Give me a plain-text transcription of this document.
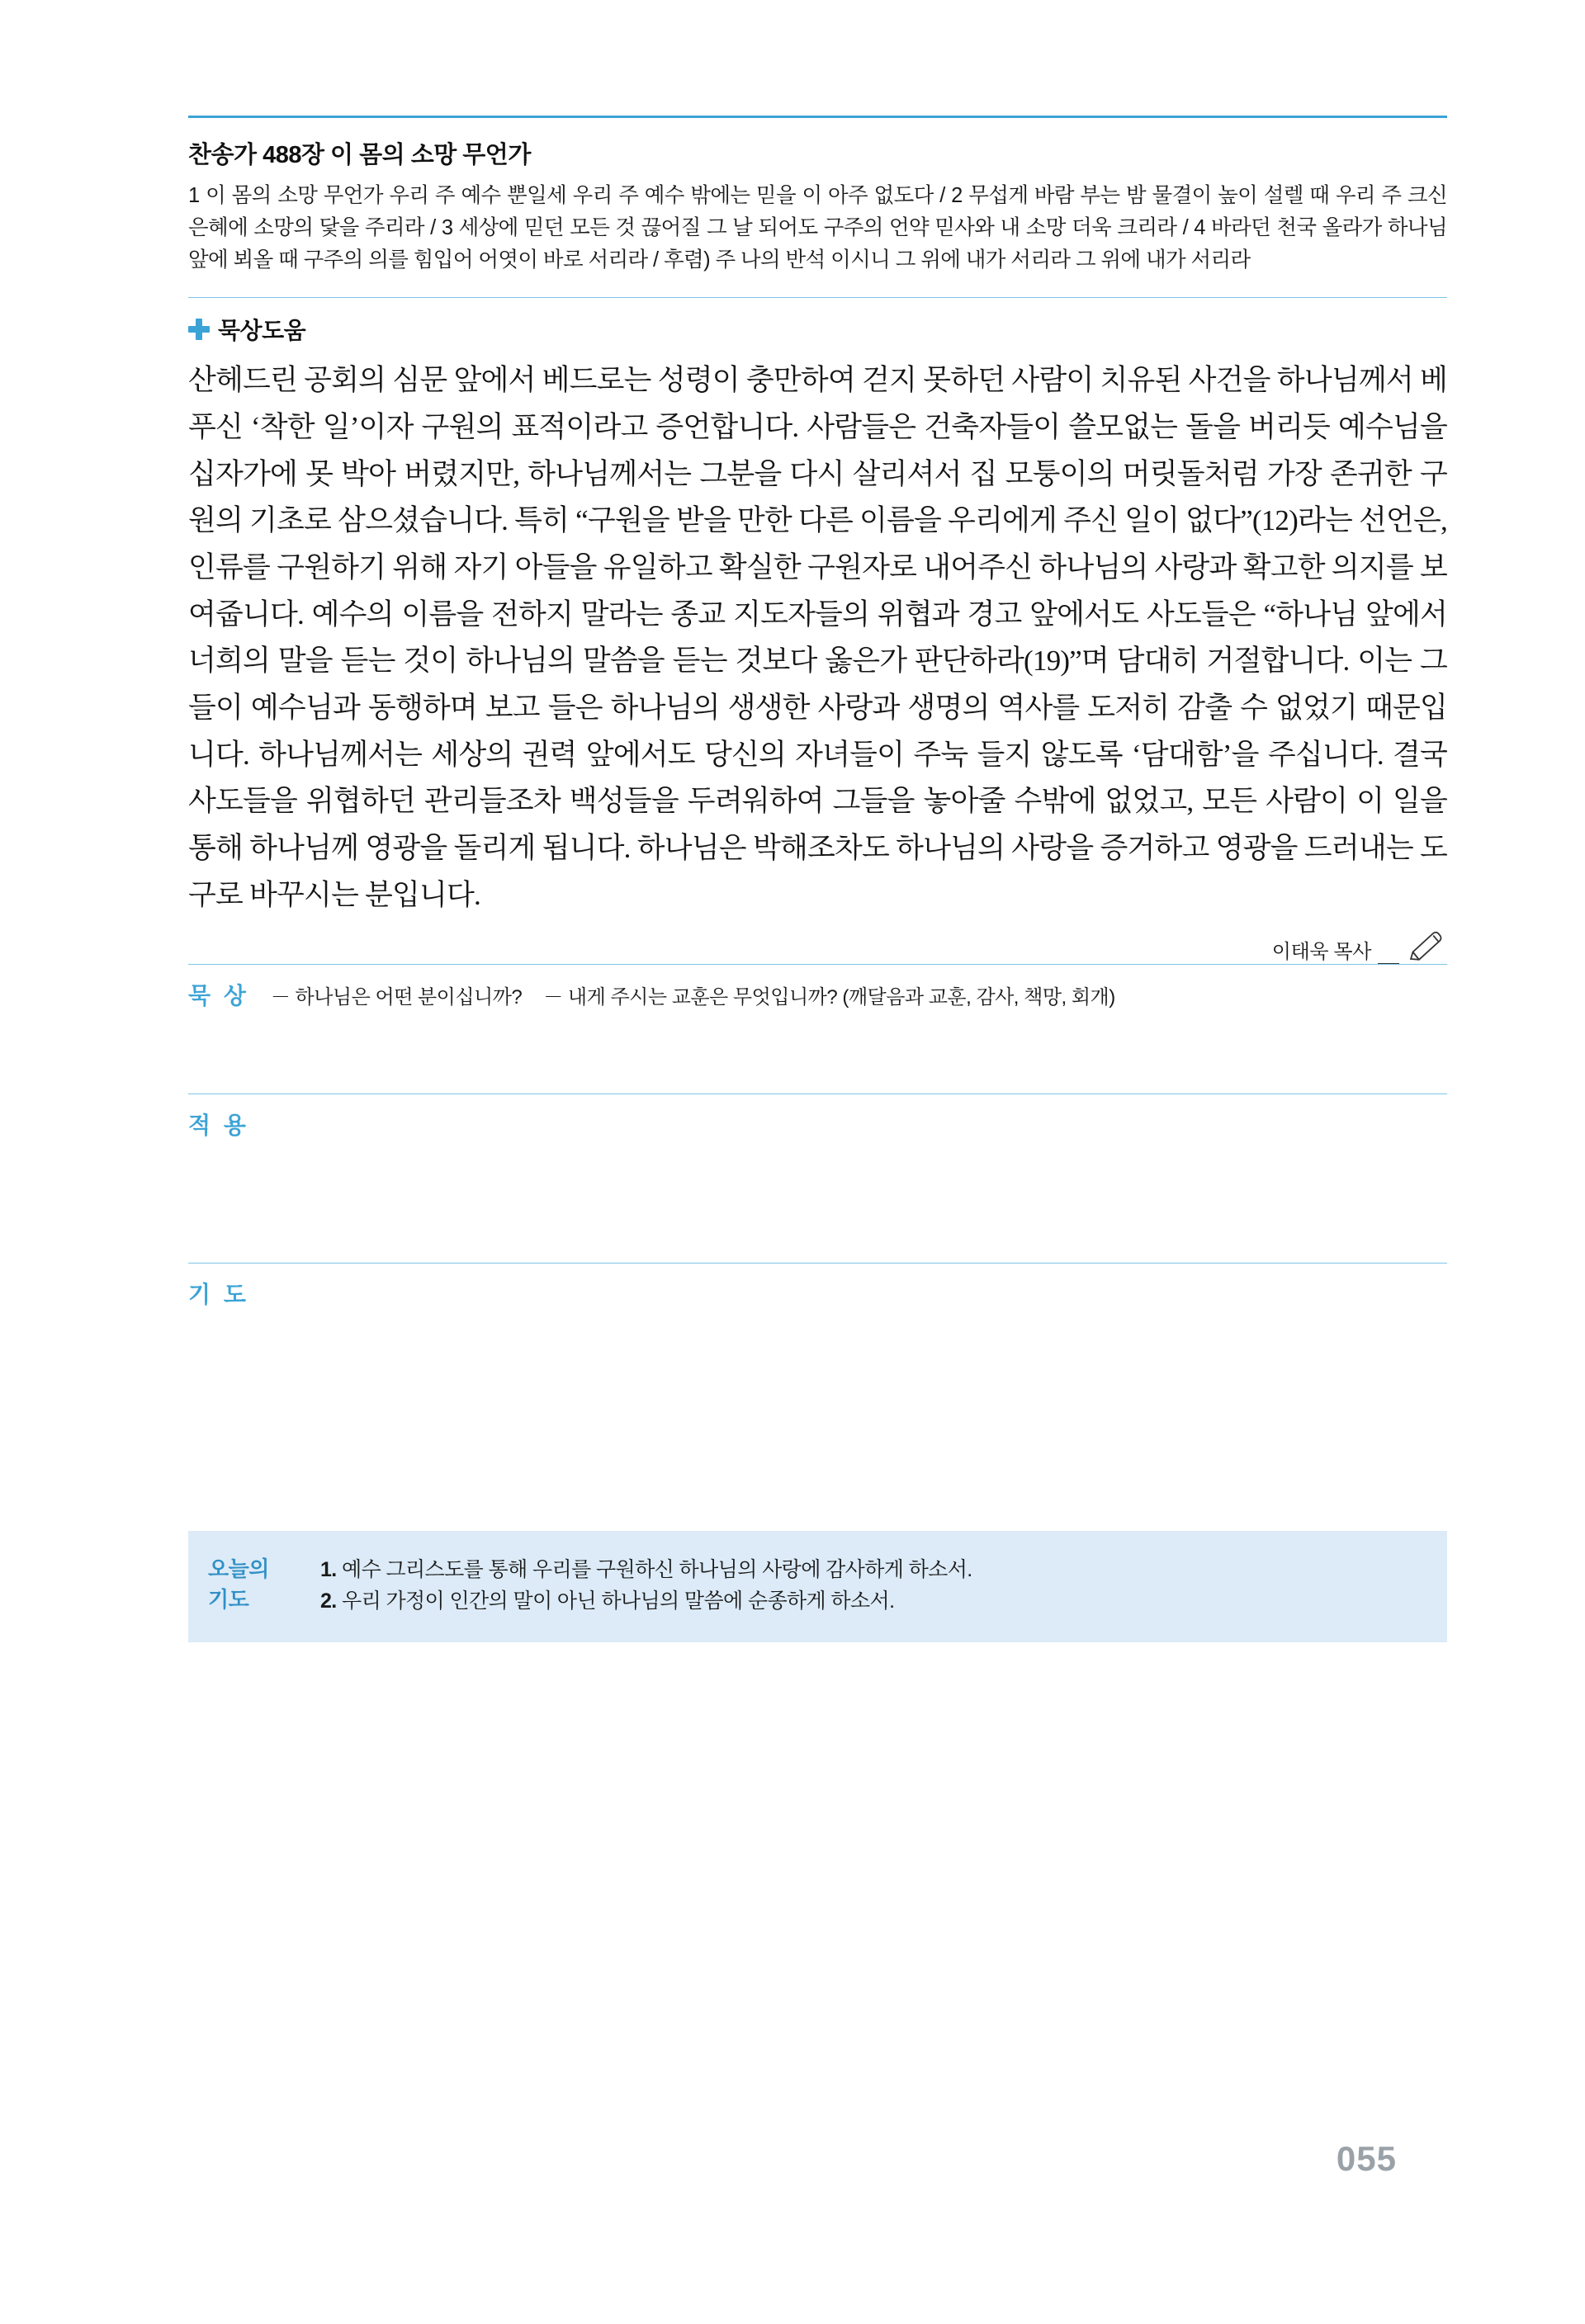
찬송가 488장 이 몸의 소망 무언가
1 이 몸의 소망 무언가 우리 주 예수 뿐일세 우리 주 예수 밖에는 믿을 이 아주 없도다 / 2 무섭게 바람 부는 밤 물결이 높이 설렐 때 우리 주 크신 은혜에 소망의 닻을 주리라 / 3 세상에 믿던 모든 것 끊어질 그 날 되어도 구주의 언약 믿사와 내 소망 더욱 크리라 / 4 바라던 천국 올라가 하나님 앞에 뵈올 때 구주의 의를 힘입어 어엿이 바로 서리라 / 후렴) 주 나의 반석 이시니 그 위에 내가 서리라 그 위에 내가 서리라
묵상도움
산헤드린 공회의 심문 앞에서 베드로는 성령이 충만하여 걷지 못하던 사람이 치유된 사건을 하나님께서 베푸신 ‘착한 일’이자 구원의 표적이라고 증언합니다. 사람들은 건축자들이 쓸모없는 돌을 버리듯 예수님을 십자가에 못 박아 버렸지만, 하나님께서는 그분을 다시 살리셔서 집 모퉁이의 머릿돌처럼 가장 존귀한 구원의 기초로 삼으셨습니다. 특히 “구원을 받을 만한 다른 이름을 우리에게 주신 일이 없다”(12)라는 선언은, 인류를 구원하기 위해 자기 아들을 유일하고 확실한 구원자로 내어주신 하나님의 사랑과 확고한 의지를 보여줍니다. 예수의 이름을 전하지 말라는 종교 지도자들의 위협과 경고 앞에서도 사도들은 “하나님 앞에서 너희의 말을 듣는 것이 하나님의 말씀을 듣는 것보다 옳은가 판단하라(19)”며 담대히 거절합니다. 이는 그들이 예수님과 동행하며 보고 들은 하나님의 생생한 사랑과 생명의 역사를 도저히 감출 수 없었기 때문입니다. 하나님께서는 세상의 권력 앞에서도 당신의 자녀들이 주눅 들지 않도록 ‘담대함’을 주십니다. 결국 사도들을 위협하던 관리들조차 백성들을 두려워하여 그들을 놓아줄 수밖에 없었고, 모든 사람이 이 일을 통해 하나님께 영광을 돌리게 됩니다. 하나님은 박해조차도 하나님의 사랑을 증거하고 영광을 드러내는 도구로 바꾸시는 분입니다.
이태욱 목사
묵 상 － 하나님은 어떤 분이십니까? － 내게 주시는 교훈은 무엇입니까? (깨달음과 교훈, 감사, 책망, 회개)
적 용
기 도
오늘의
기도
1. 예수 그리스도를 통해 우리를 구원하신 하나님의 사랑에 감사하게 하소서.
2. 우리 가정이 인간의 말이 아닌 하나님의 말씀에 순종하게 하소서.
055
